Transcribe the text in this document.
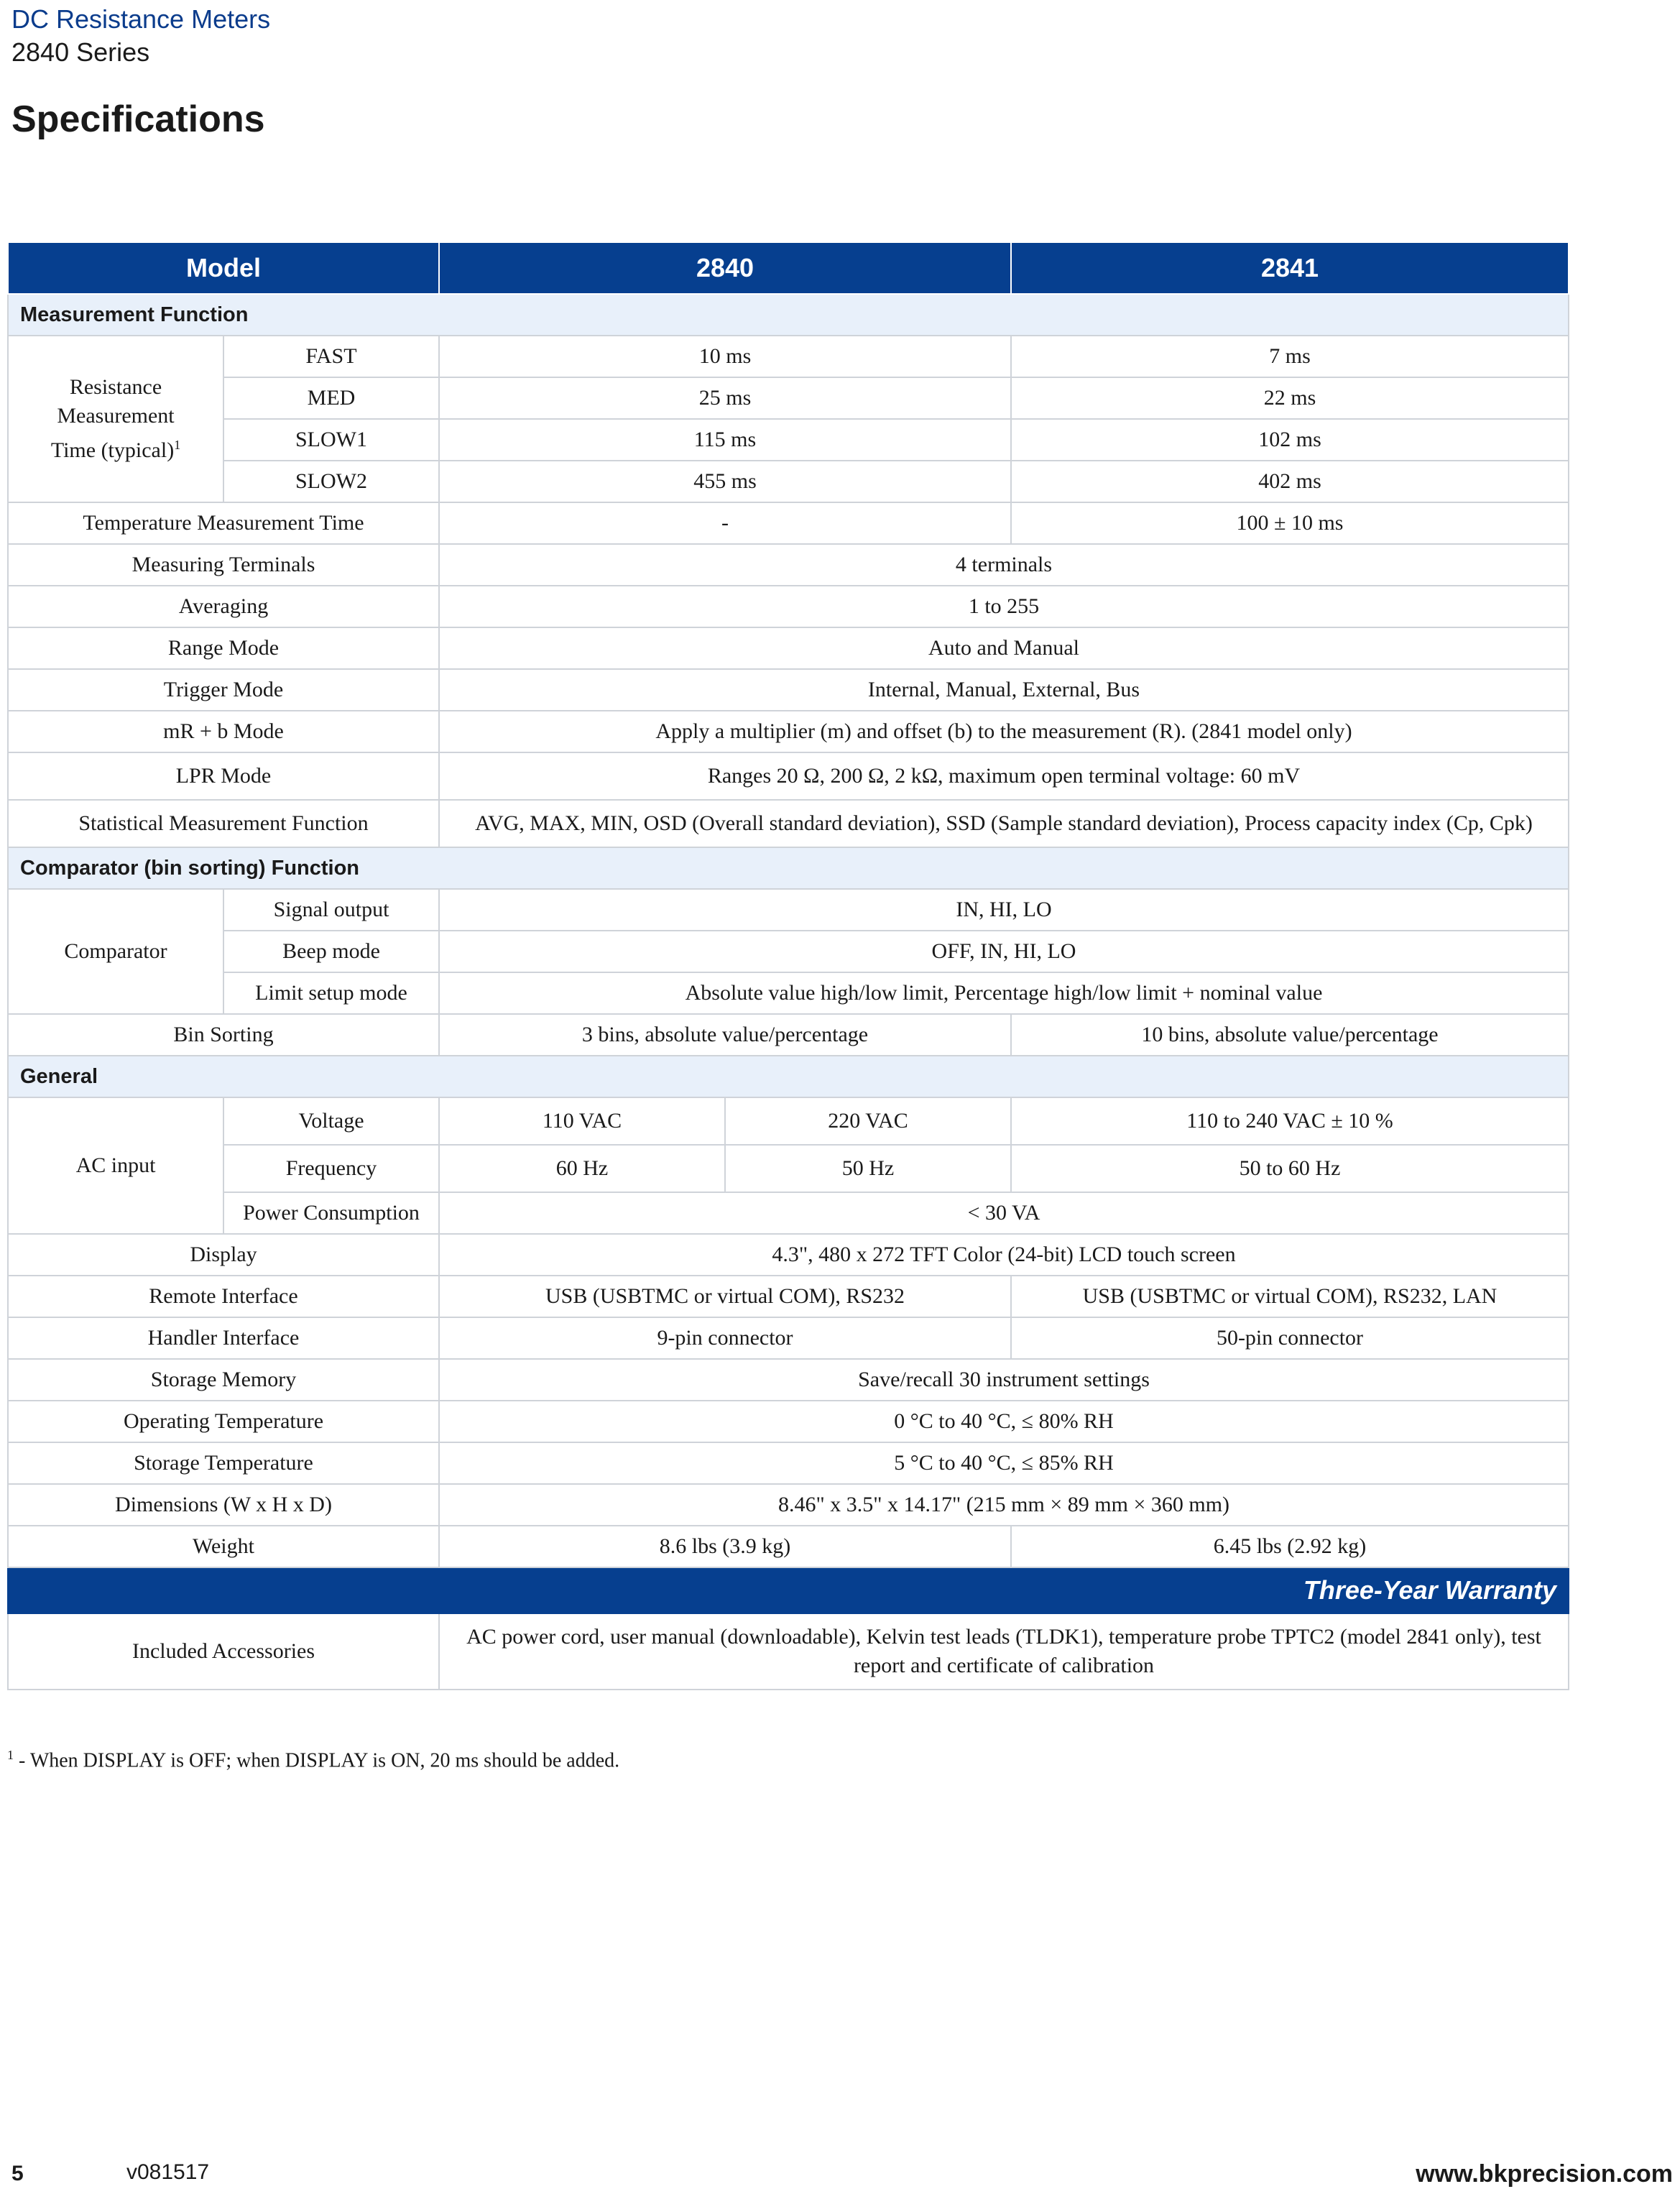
DC Resistance Meters
2840 Series
Specifications
Model		2840		2841
Measurement Function				
Resistance
Measurement
Time (typical)$^1$	FAST	10 ms		7 ms
	MED	25 ms		22 ms
	SLOW1	115 ms		102 ms
	SLOW2	455 ms		402 ms
Temperature Measurement Time		-		100 ± 10 ms
Measuring Terminals		4 terminals		
Averaging		1 to 255		
Range Mode		Auto and Manual		
Trigger Mode		Internal, Manual, External, Bus		
mR + b Mode		Apply a multiplier (m) and offset (b) to the measurement (R). (2841 model only)		
LPR Mode		Ranges 20 Ω, 200 Ω, 2 kΩ, maximum open terminal voltage: 60 mV		
Statistical Measurement Function		AVG, MAX, MIN, OSD (Overall standard deviation), SSD (Sample standard deviation), Process capacity index (Cp, Cpk)		
Comparator (bin sorting) Function				
Comparator	Signal output	IN, HI, LO		
	Beep mode	OFF, IN, HI, LO		
	Limit setup mode	Absolute value high/low limit, Percentage high/low limit + nominal value		
Bin Sorting		3 bins, absolute value/percentage		10 bins, absolute value/percentage
General				
AC input	Voltage	110 VAC	220 VAC	110 to 240 VAC ± 10 %
	Frequency	60 Hz	50 Hz	50 to 60 Hz
	Power Consumption	< 30 VA		
Display		4.3", 480 x 272 TFT Color (24-bit) LCD touch screen		
Remote Interface		USB (USBTMC or virtual COM), RS232		USB (USBTMC or virtual COM), RS232, LAN
Handler Interface		9-pin connector		50-pin connector
Storage Memory		Save/recall 30 instrument settings		
Operating Temperature		0 °C to 40 °C, ≤ 80% RH		
Storage Temperature		5 °C to 40 °C, ≤ 85% RH		
Dimensions (W x H x D)		8.46" x 3.5" x 14.17" (215 mm × 89 mm × 360 mm)		
Weight		8.6 lbs (3.9 kg)		6.45 lbs (2.92 kg)
Three-Year Warranty				
Included Accessories		AC power cord, user manual (downloadable), Kelvin test leads (TLDK1), temperature probe TPTC2 (model 2841 only), test report and certificate of calibration		
$^1$ - When DISPLAY is OFF; when DISPLAY is ON, 20 ms should be added.
5	v081517	www.bkprecision.com
